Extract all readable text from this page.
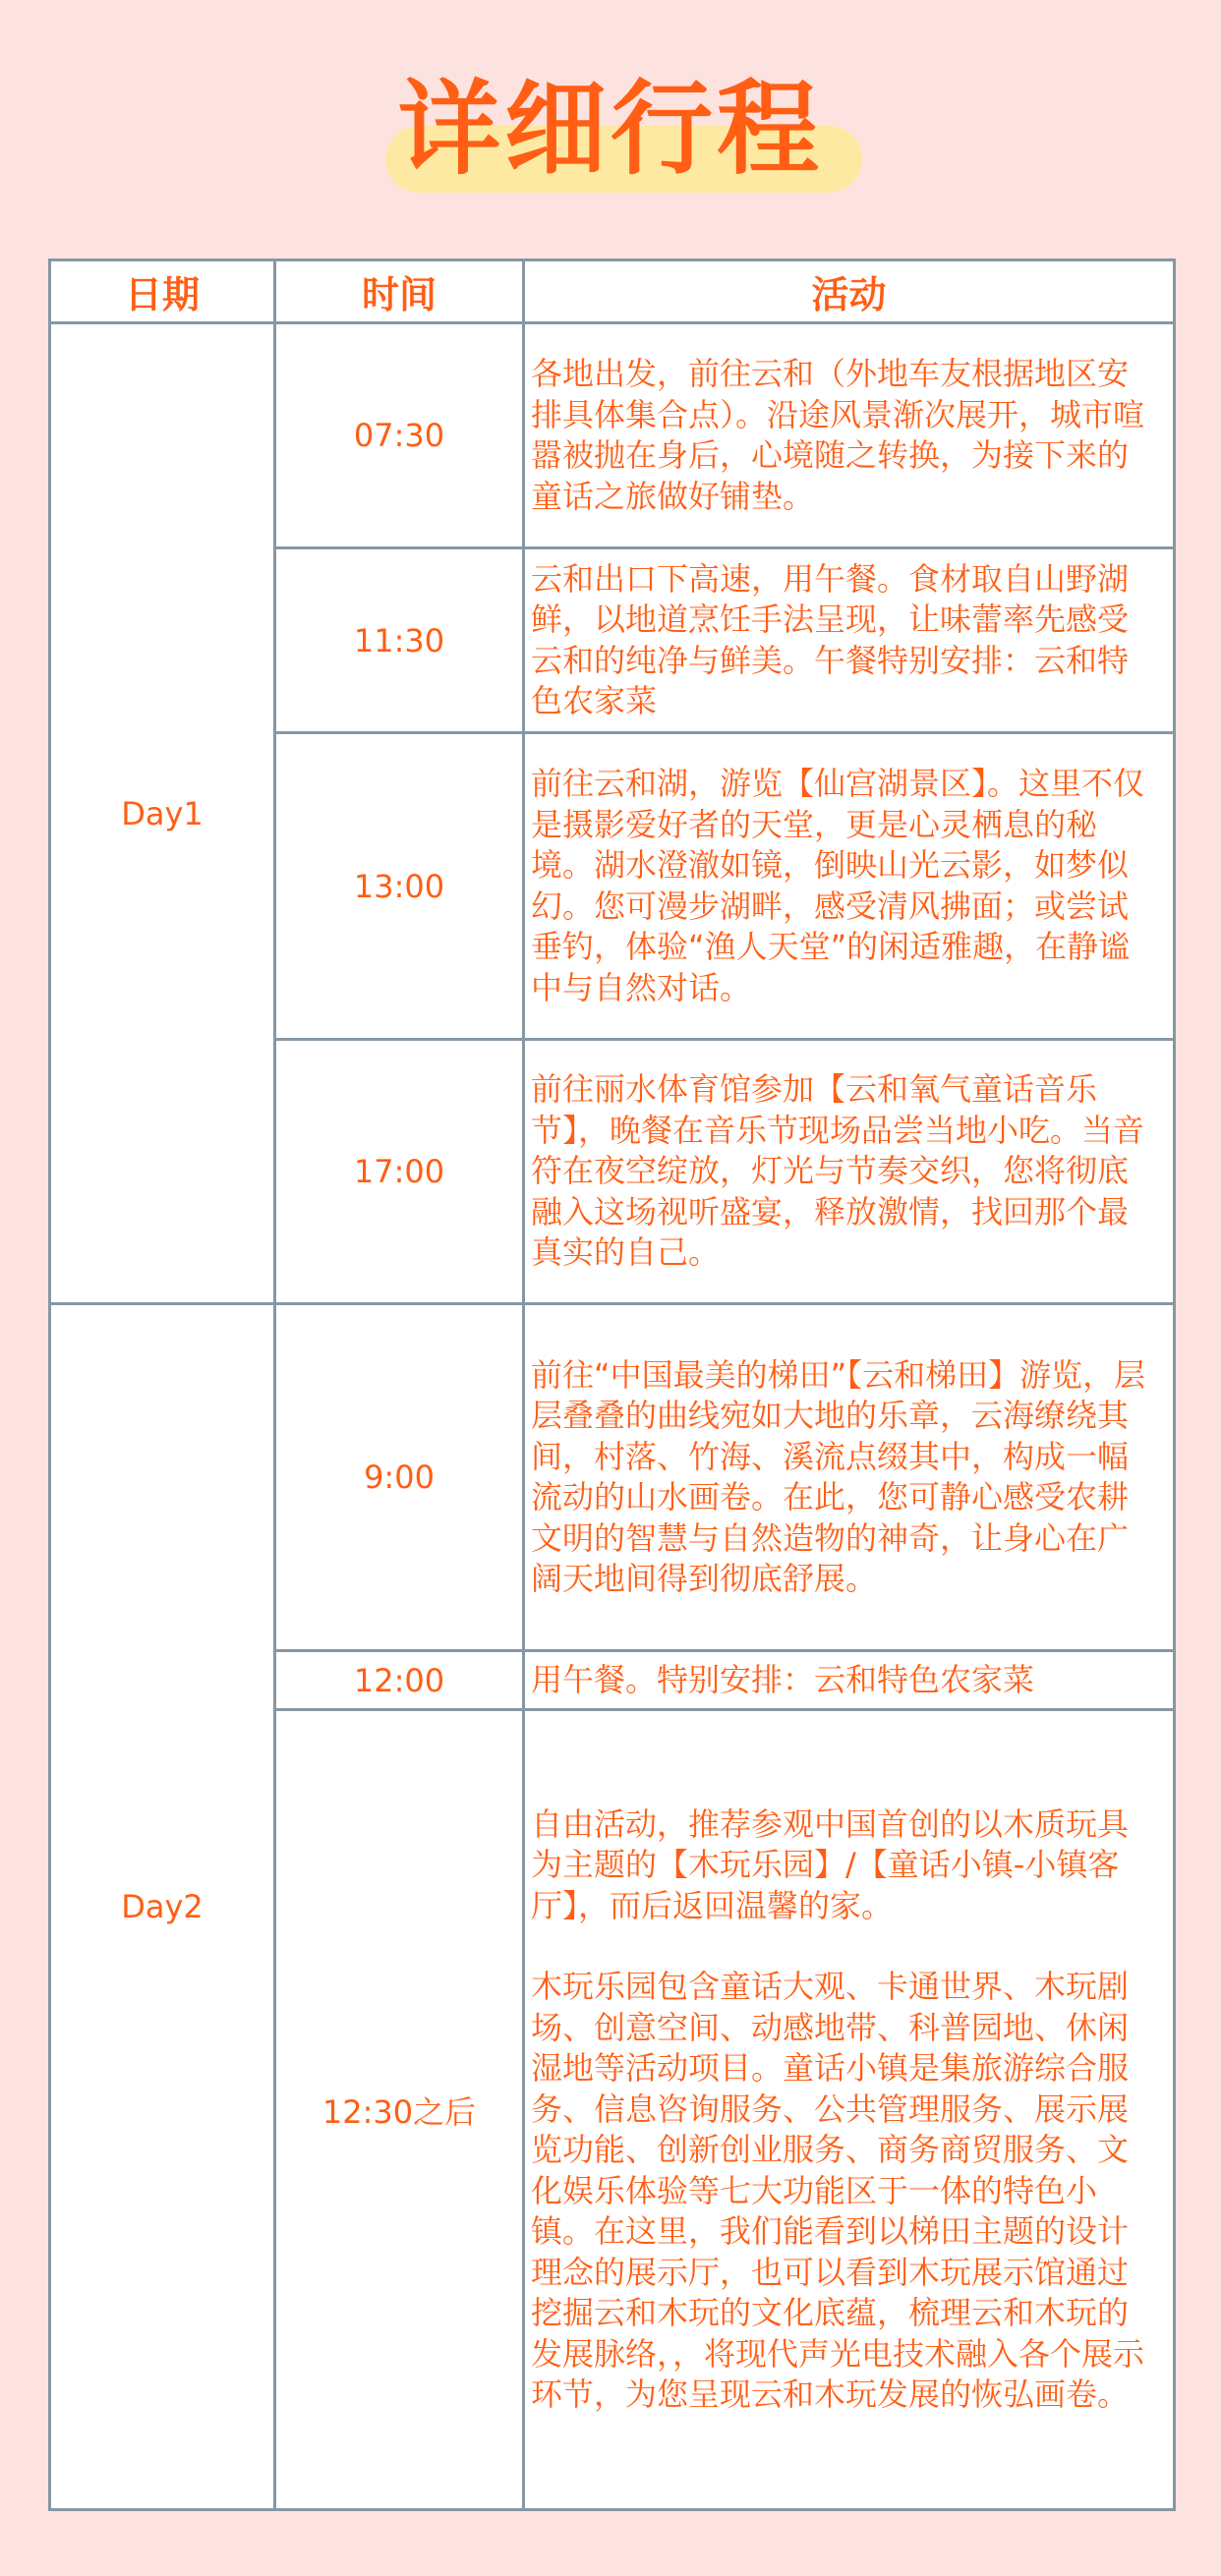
详细行程
日期	时间	活动
Day1	07:30	各地出发，前往云和（外地车友根据地区安排具体集合点）。沿途风景渐次展开，城市喧嚣被抛在身后，心境随之转换，为接下来的童话之旅做好铺垫。

	11:30	云和出口下高速，用午餐。食材取自山野湖鲜，以地道烹饪手法呈现，让味蕾率先感受云和的纯净与鲜美。午餐特别安排：云和特色农家菜

	13:00	前往云和湖，游览【仙宫湖景区】。这里不仅是摄影爱好者的天堂，更是心灵栖息的秘境。湖水澄澈如镜，倒映山光云影，如梦似幻。您可漫步湖畔，感受清风拂面；或尝试垂钓，体验“渔人天堂”的闲适雅趣，在静谧中与自然对话。

	17:00	前往丽水体育馆参加【云和氧气童话音乐节】，晚餐在音乐节现场品尝当地小吃。当音符在夜空绽放，灯光与节奏交织，您将彻底融入这场视听盛宴，释放激情，找回那个最真实的自己。

Day2	9:00	前往“中国最美的梯田”【云和梯田】游览，层层叠叠的曲线宛如大地的乐章，云海缭绕其间，村落、竹海、溪流点缀其中，构成一幅流动的山水画卷。在此，您可静心感受农耕文明的智慧与自然造物的神奇，让身心在广阔天地间得到彻底舒展。

	12:00	用午餐。特别安排：云和特色农家菜

	12:30之后	自由活动，推荐参观中国首创的以木质玩具为主题的【木玩乐园】/【童话小镇-小镇客厅】，而后返回温馨的家。
木玩乐园包含童话大观、卡通世界、木玩剧场、创意空间、动感地带、科普园地、休闲湿地等活动项目。童话小镇是集旅游综合服务、信息咨询服务、公共管理服务、展示展览功能、创新创业服务、商务商贸服务、文化娱乐体验等七大功能区于一体的特色小镇。在这里，我们能看到以梯田主题的设计理念的展示厅，也可以看到木玩展示馆通过挖掘云和木玩的文化底蕴，梳理云和木玩的发展脉络，，将现代声光电技术融入各个展示环节，为您呈现云和木玩发展的恢弘画卷。
